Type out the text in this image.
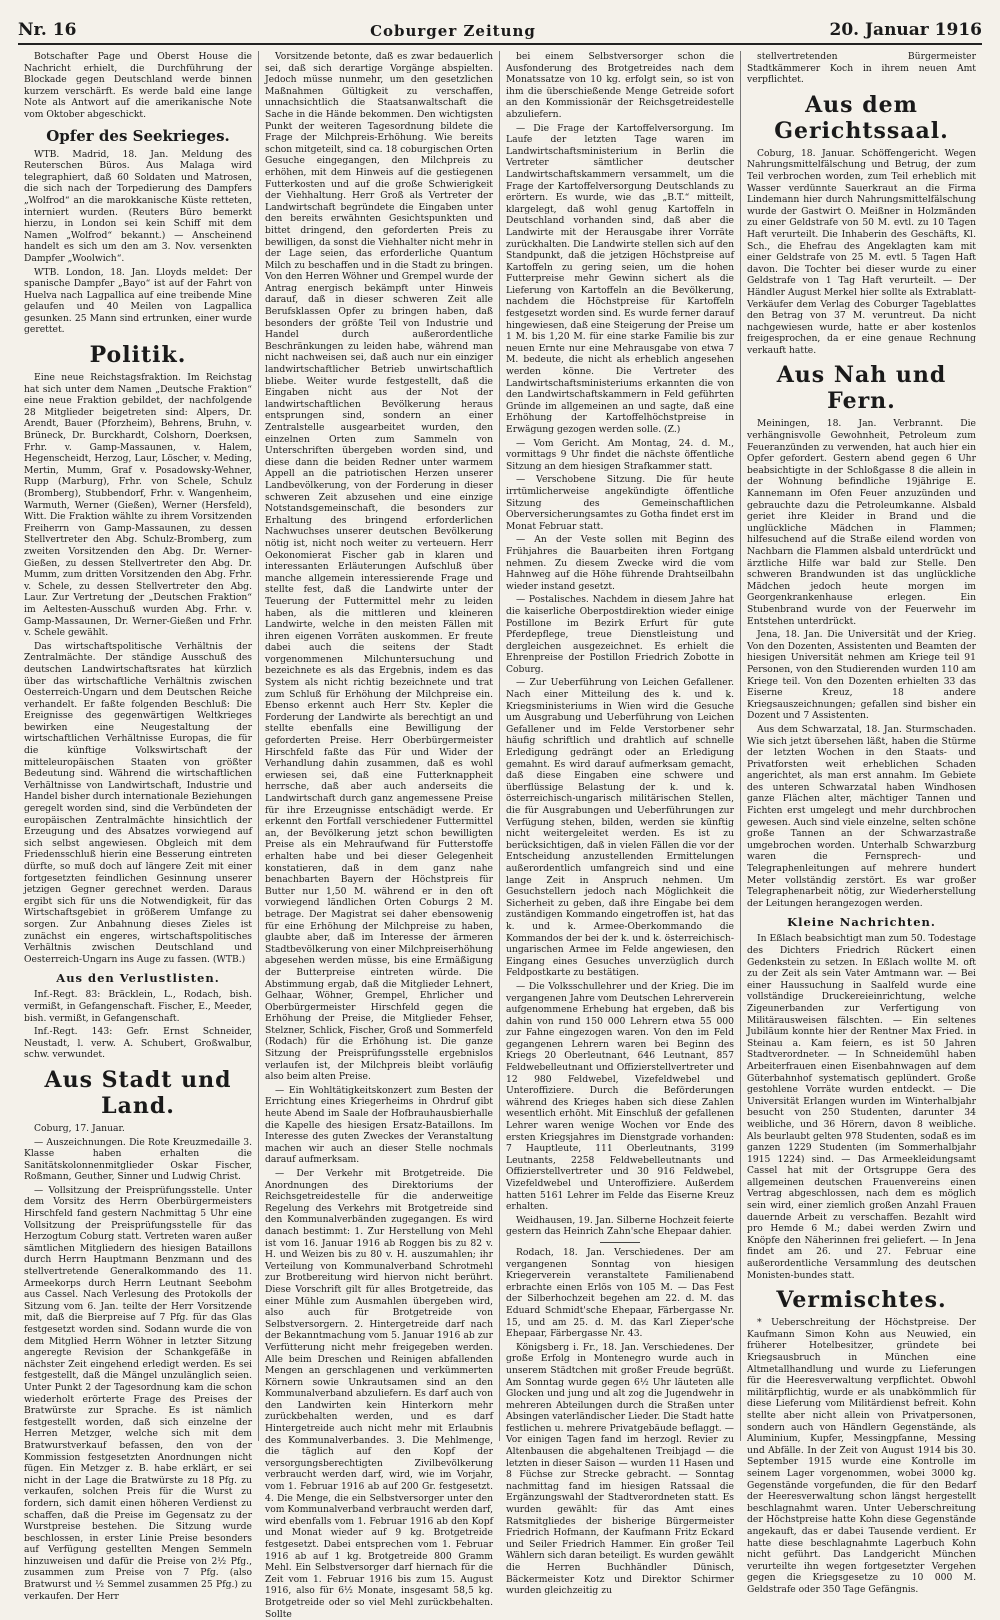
Nr. 16	Coburger Zeitung	20. Januar 1916

Botschafter Page und Oberst House die Nachricht erhielt, die Durchführung der Blockade gegen Deutschland werde binnen kurzem verschärft. Es werde bald eine lange Note als Antwort auf die amerikanische Note vom Oktober abgeschickt.

Opfer des Seekrieges.

WTB. Madrid, 18. Jan. Meldung des Reuterschen Büros. Aus Malaga wird telegraphiert, daß 60 Soldaten und Matrosen, die sich nach der Torpedierung des Dampfers „Wolfrod“ an die marokkanische Küste retteten, interniert wurden. (Reuters Büro bemerkt hierzu, in London sei kein Schiff mit dem Namen „Wolfrod“ bekannt.) — Anscheinend handelt es sich um den am 3. Nov. versenkten Dampfer „Woolwich“.

WTB. London, 18. Jan. Lloyds meldet: Der spanische Dampfer „Bayo“ ist auf der Fahrt von Huelva nach Lagpallica auf eine treibende Mine gelaufen und 40 Meilen von Lagpallica gesunken. 25 Mann sind ertrunken, einer wurde gerettet.

Politik.

Eine neue Reichstagsfraktion. Im Reichstag hat sich unter dem Namen „Deutsche Fraktion“ eine neue Fraktion gebildet, der nachfolgende 28 Mitglieder beigetreten sind: Alpers, Dr. Arendt, Bauer (Pforzheim), Behrens, Bruhn, v. Brüneck, Dr. Burckhardt, Colshorn, Doerksen, Frhr. v. Gamp-Massaunen, v. Halem, Hegenscheidt, Herzog, Laur, Löscher, v. Meding, Mertin, Mumm, Graf v. Posadowsky-Wehner, Rupp (Marburg), Frhr. von Schele, Schulz (Bromberg), Stubbendorf, Frhr. v. Wangenheim, Warmuth, Werner (Gießen), Werner (Hersfeld), Witt. Die Fraktion wählte zu ihrem Vorsitzenden Freiherrn von Gamp-Massaunen, zu dessen Stellvertreter den Abg. Schulz-Bromberg, zum zweiten Vorsitzenden den Abg. Dr. Werner-Gießen, zu dessen Stellvertreter den Abg. Dr. Mumm, zum dritten Vorsitzenden den Abg. Frhr. v. Schele, zu dessen Stellvertreter den Abg. Laur. Zur Vertretung der „Deutschen Fraktion“ im Aeltesten-Ausschuß wurden Abg. Frhr. v. Gamp-Massaunen, Dr. Werner-Gießen und Frhr. v. Schele gewählt.

Das wirtschaftspolitische Verhältnis der Zentralmächte. Der ständige Ausschuß des deutschen Landwirtschaftsrates hat kürzlich über das wirtschaftliche Verhältnis zwischen Oesterreich-Ungarn und dem Deutschen Reiche verhandelt. Er faßte folgenden Beschluß: Die Ereignisse des gegenwärtigen Weltkrieges bewirken eine Neugestaltung der wirtschaftlichen Verhältnisse Europas, die für die künftige Volkswirtschaft der mitteleuropäischen Staaten von größter Bedeutung sind. Während die wirtschaftlichen Verhältnisse von Landwirtschaft, Industrie und Handel bisher durch internationale Beziehungen geregelt worden sind, sind die Verbündeten der europäischen Zentralmächte hinsichtlich der Erzeugung und des Absatzes vorwiegend auf sich selbst angewiesen. Obgleich mit dem Friedensschluß hierin eine Besserung eintreten dürfte, so muß doch auf längere Zeit mit einer fortgesetzten feindlichen Gesinnung unserer jetzigen Gegner gerechnet werden. Daraus ergibt sich für uns die Notwendigkeit, für das Wirtschaftsgebiet in größerem Umfange zu sorgen. Zur Anbahnung dieses Zieles ist zunächst ein engeres, wirtschaftspolitisches Verhältnis zwischen Deutschland und Oesterreich-Ungarn ins Auge zu fassen. (WTB.)

Aus den Verlustlisten.

Inf.-Regt. 83: Bräcklein, L., Rodach, bish. vermißt, in Gefangenschaft. Fischer, E., Meeder, bish. vermißt, in Gefangenschaft.

Inf.-Regt. 143: Gefr. Ernst Schneider, Neustadt, l. verw. A. Schubert, Großwalbur, schw. verwundet.

Aus Stadt und Land.

Coburg, 17. Januar.

— Auszeichnungen. Die Rote Kreuzmedaille 3. Klasse haben erhalten die Sanitätskolonnenmitglieder Oskar Fischer, Roßmann, Geuther, Sinner und Ludwig Christ.

— Vollsitzung der Preisprüfungsstelle. Unter dem Vorsitz des Herrn Oberbürgermeisters Hirschfeld fand gestern Nachmittag 5 Uhr eine Vollsitzung der Preisprüfungsstelle für das Herzogtum Coburg statt. Vertreten waren außer sämtlichen Mitgliedern des hiesigen Bataillons durch Herrn Hauptmann Benzmann und des stellvertretende Generalkommando des 11. Armeekorps durch Herrn Leutnant Seebohm aus Cassel. Nach Verlesung des Protokolls der Sitzung vom 6. Jan. teilte der Herr Vorsitzende mit, daß die Bierpreise auf 7 Pfg. für das Glas festgesetzt worden sind. Sodann wurde die von dem Mitglied Herrn Wöhner in letzter Sitzung angeregte Revision der Schankgefäße in nächster Zeit eingehend erledigt werden. Es sei festgestellt, daß die Mängel unzulänglich seien. Unter Punkt 2 der Tagesordnung kam die schon wiederholt erörterte Frage des Preises der Bratwürste zur Sprache. Es ist nämlich festgestellt worden, daß sich einzelne der Herren Metzger, welche sich mit dem Bratwurstverkauf befassen, den von der Kommission festgesetzten Anordnungen nicht fügen. Ein Metzger z. B. habe erklärt, er sei nicht in der Lage die Bratwürste zu 18 Pfg. zu verkaufen, solchen Preis für die Wurst zu fordern, sich damit einen höheren Verdienst zu schaffen, daß die Preise im Gegensatz zu der Wurstpreise bestehen. Die Sitzung wurde beschlossen, in erster Linie Preise besonders auf Verfügung gestellten Mengen Semmeln hinzuweisen und dafür die Preise von 2½ Pfg., zusammen zum Preise von 7 Pfg. (also Bratwurst und ½ Semmel zusammen 25 Pfg.) zu verkaufen. Der Herr

Vorsitzende betonte, daß es zwar bedauerlich sei, daß sich derartige Vorgänge abspielten. Jedoch müsse nunmehr, um den gesetzlichen Maßnahmen Gültigkeit zu verschaffen, unnachsichtlich die Staatsanwaltschaft die Sache in die Hände bekommen. Den wichtigsten Punkt der weiteren Tagesordnung bildete die Frage der Milchpreis-Erhöhung. Wie bereits schon mitgeteilt, sind ca. 18 coburgischen Orten Gesuche eingegangen, den Milchpreis zu erhöhen, mit dem Hinweis auf die gestiegenen Futterkosten und auf die große Schwierigkeit der Viehhaltung. Herr Groß als Vertreter der Landwirtschaft begründete die Eingaben unter den bereits erwähnten Gesichtspunkten und bittet dringend, den geforderten Preis zu bewilligen, da sonst die Viehhalter nicht mehr in der Lage seien, das erforderliche Quantum Milch zu beschaffen und in die Stadt zu bringen. Von den Herren Wöhner und Grempel wurde der Antrag energisch bekämpft unter Hinweis darauf, daß in dieser schweren Zeit alle Berufsklassen Opfer zu bringen haben, daß besonders der größte Teil von Industrie und Handel durch außerordentliche Beschränkungen zu leiden habe, während man nicht nachweisen sei, daß auch nur ein einziger landwirtschaftlicher Betrieb unwirtschaftlich bliebe. Weiter wurde festgestellt, daß die Eingaben nicht aus der Not der landwirtschaftlichen Bevölkerung heraus entsprungen sind, sondern an einer Zentralstelle ausgearbeitet wurden, den einzelnen Orten zum Sammeln von Unterschriften übergeben worden sind, und diese dann die beiden Redner unter warmem Appell an die patriotischen Herzen unserer Landbevölkerung, von der Forderung in dieser schweren Zeit abzusehen und eine einzige Notstandsgemeinschaft, die besonders zur Erhaltung des bringend erforderlichen Nachwuchses unserer deutschen Bevölkerung nötig ist, nicht noch weiter zu verteuern. Herr Oekonomierat Fischer gab in klaren und interessanten Erläuterungen Aufschluß über manche allgemein interessierende Frage und stellte fest, daß die Landwirte unter der Teuerung der Futtermittel mehr zu leiden haben, als die mittleren und kleineren Landwirte, welche in den meisten Fällen mit ihren eigenen Vorräten auskommen. Er freute dabei auch die seitens der Stadt vorgenommenen Milchuntersuchung und bezeichnete es als das Ergebnis, indem es das System als nicht richtig bezeichnete und trat zum Schluß für Erhöhung der Milchpreise ein. Ebenso erkennt auch Herr Stv. Kepler die Forderung der Landwirte als berechtigt an und stellte ebenfalls eine Bewilligung der geforderten Preise. Herr Oberbürgermeister Hirschfeld faßte das Für und Wider der Verhandlung dahin zusammen, daß es wohl erwiesen sei, daß eine Futterknappheit herrsche, daß aber auch anderseits die Landwirtschaft durch ganz angemessene Preise für ihre Erzeugnisse entschädigt werde. Er erkennt den Fortfall verschiedener Futtermittel an, der Bevölkerung jetzt schon bewilligten Preise als ein Mehraufwand für Futterstoffe erhalten habe und bei dieser Gelegenheit konstatieren, daß in dem ganz nahe benachbarten Bayern der Höchstpreis für Butter nur 1,50 M. während er in den oft vorwiegend ländlichen Orten Coburgs 2 M. betrage. Der Magistrat sei daher ebensowenig für eine Erhöhung der Milchpreise zu haben, glaubte aber, daß im Interesse der ärmeren Stadtbevölkerung von einer Milchpreiserhöhung abgesehen werden müsse, bis eine Ermäßigung der Butterpreise eintreten würde. Die Abstimmung ergab, daß die Mitglieder Lehnert, Gelhaar, Wöhner, Grempel, Ehrlicher und Oberbürgermeister Hirschfeld gegen die Erhöhung der Preise, die Mitglieder Fehser, Stelzner, Schlick, Fischer, Groß und Sommerfeld (Rodach) für die Erhöhung ist. Die ganze Sitzung der Preisprüfungsstelle ergebnislos verlaufen ist, der Milchpreis bleibt vorläufig also beim alten Preise.

— Ein Wohltätigkeitskonzert zum Besten der Errichtung eines Kriegerheims in Ohrdruf gibt heute Abend im Saale der Hofbrauhausbierhalle die Kapelle des hiesigen Ersatz-Bataillons. Im Interesse des guten Zweckes der Veranstaltung machen wir auch an dieser Stelle nochmals darauf aufmerksam.

— Der Verkehr mit Brotgetreide. Die Anordnungen des Direktoriums der Reichsgetreidestelle für die anderweitige Regelung des Verkehrs mit Brotgetreide sind den Kommunalverbänden zugegangen. Es wird danach bestimmt: 1. Zur Herstellung von Mehl ist vom 16. Januar 1916 ab Roggen bis zu 82 v. H. und Weizen bis zu 80 v. H. auszumahlen; ihr Verteilung von Kommunalverband Schrotmehl zur Brotbereitung wird hiervon nicht berührt. Diese Vorschrift gilt für alles Brotgetreide, das einer Mühle zum Ausmahlen übergeben wird, also auch für Brotgetreide von Selbstversorgern. 2. Hintergetreide darf nach der Bekanntmachung vom 5. Januar 1916 ab zur Verfütterung nicht mehr freigegeben werden. Alle beim Dreschen und Reinigen abfallenden Mengen an gerschlagenen und verkümmerten Körnern sowie Unkrautsamen sind an den Kommunalverband abzuliefern. Es darf auch von den Landwirten kein Hinterkorn mehr zurückbehalten werden, und es darf Hintergetreide auch nicht mehr mit Erlaubnis des Kommunalverbandes. 3. Die Mehlmenge, die täglich auf den Kopf der versorgungsberechtigten Zivilbevölkerung verbraucht werden darf, wird, wie im Vorjahr, vom 1. Februar 1916 ab auf 200 Gr. festgesetzt. 4. Die Menge, die ein Selbstversorger unter den vom Kommunalverband verbraucht werden darf, wird ebenfalls vom 1. Februar 1916 ab den Kopf und Monat wieder auf 9 kg. Brotgetreide festgesetzt. Dabei entsprechen vom 1. Februar 1916 ab auf 1 kg. Brotgetreide 800 Gramm Mehl. Ein Selbstversorger darf hiernach für die Zeit vom 1. Februar 1916 bis zum 15. August 1916, also für 6½ Monate, insgesamt 58,5 kg. Brotgetreide oder so viel Mehl zurückbehalten. Sollte

bei einem Selbstversorger schon die Ausfonderung des Brotgetreides nach dem Monatssatze von 10 kg. erfolgt sein, so ist von ihm die überschießende Menge Getreide sofort an den Kommissionär der Reichsgetreidestelle abzuliefern.

— Die Frage der Kartoffelversorgung. Im Laufe der letzten Tage waren im Landwirtschaftsministerium in Berlin die Vertreter sämtlicher deutscher Landwirtschaftskammern versammelt, um die Frage der Kartoffelversorgung Deutschlands zu erörtern. Es wurde, wie das „B.T.“ mitteilt, klargelegt, daß wohl genug Kartoffeln in Deutschland vorhanden sind, daß aber die Landwirte mit der Herausgabe ihrer Vorräte zurückhalten. Die Landwirte stellen sich auf den Standpunkt, daß die jetzigen Höchstpreise auf Kartoffeln zu gering seien, um die hohen Futterpreise mehr Gewinn sichert als die Lieferung von Kartoffeln an die Bevölkerung, nachdem die Höchstpreise für Kartoffeln festgesetzt worden sind. Es wurde ferner darauf hingewiesen, daß eine Steigerung der Preise um 1 M. bis 1,20 M. für eine starke Familie bis zur neuen Ernte nur eine Mehrausgabe von etwa 7 M. bedeute, die nicht als erheblich angesehen werden könne. Die Vertreter des Landwirtschaftsministeriums erkannten die von den Landwirtschaftskammern in Feld geführten Gründe im allgemeinen an und sagte, daß eine Erhöhung der Kartoffelhöchstpreise in Erwägung gezogen werden solle. (Z.)

— Vom Gericht. Am Montag, 24. d. M., vormittags 9 Uhr findet die nächste öffentliche Sitzung an dem hiesigen Strafkammer statt.

— Verschobene Sitzung. Die für heute irrtümlicherweise angekündigte öffentliche Sitzung des Gemeinschaftlichen Oberversicherungsamtes zu Gotha findet erst im Monat Februar statt.

— An der Veste sollen mit Beginn des Frühjahres die Bauarbeiten ihren Fortgang nehmen. Zu diesem Zwecke wird die vom Hahnweg auf die Höhe führende Drahtseilbahn wieder instand gesetzt.

— Postalisches. Nachdem in diesem Jahre hat die kaiserliche Oberpostdirektion wieder einige Postillone im Bezirk Erfurt für gute Pferdepflege, treue Dienstleistung und dergleichen ausgezeichnet. Es erhielt die Ehrenpreise der Postillon Friedrich Zobotte in Coburg.

— Zur Ueberführung von Leichen Gefallener. Nach einer Mitteilung des k. und k. Kriegsministeriums in Wien wird die Gesuche um Ausgrabung und Ueberführung von Leichen Gefallener und im Felde Verstorbener sehr häufig schriftlich und drahtlich auf schnelle Erledigung gedrängt oder an Erledigung gemahnt. Es wird darauf aufmerksam gemacht, daß diese Eingaben eine schwere und überflüssige Belastung der k. und k. österreichisch-ungarisch militärischen Stellen, die für Ausgrabungen und Ueberführungen zur Verfügung stehen, bilden, werden sie künftig nicht weitergeleitet werden. Es ist zu berücksichtigen, daß in vielen Fällen die vor der Entscheidung anzustellenden Ermittelungen außerordentlich umfangreich sind und eine lange Zeit in Anspruch nehmen. Um Gesuchstellern jedoch nach Möglichkeit die Sicherheit zu geben, daß ihre Eingabe bei dem zuständigen Kommando eingetroffen ist, hat das k. und k. Armee-Oberkommando die Kommandos der bei der k. und k. österreichisch-ungarischen Armee im Felde angewiesen, den Eingang eines Gesuches unverzüglich durch Feldpostkarte zu bestätigen.

— Die Volksschullehrer und der Krieg. Die im vergangenen Jahre vom Deutschen Lehrerverein aufgenommene Erhebung hat ergeben, daß bis dahin von rund 150 000 Lehrern etwa 55 000 zur Fahne eingezogen waren. Von den im Feld gegangenen Lehrern waren bei Beginn des Kriegs 20 Oberleutnant, 646 Leutnant, 857 Feldwebelleutnant und Offizierstellvertreter und 12 980 Feldwebel, Vizefeldwebel und Unteroffiziere. Durch die Beförderungen während des Krieges haben sich diese Zahlen wesentlich erhöht. Mit Einschluß der gefallenen Lehrer waren wenige Wochen vor Ende des ersten Kriegsjahres im Dienstgrade vorhanden: 7 Hauptleute, 111 Oberleutnants, 3199 Leutnants, 2258 Feldwebelleutnants und Offizierstellvertreter und 30 916 Feldwebel, Vizefeldwebel und Unteroffiziere. Außerdem hatten 5161 Lehrer im Felde das Eiserne Kreuz erhalten.

Weidhausen, 19. Jan. Silberne Hochzeit feierte gestern das Heinrich Zahn'sche Ehepaar dahier.

Rodach, 18. Jan. Verschiedenes. Der am vergangenen Sonntag von hiesigen Kriegerverein veranstaltete Familienabend erbrachte einen Erlös von 105 M. — Das Fest der Silberhochzeit begehen am 22. d. M. das Eduard Schmidt'sche Ehepaar, Färbergasse Nr. 15, und am 25. d. M. das Karl Zieper'sche Ehepaar, Färbergasse Nr. 43.

Königsberg i. Fr., 18. Jan. Verschiedenes. Der große Erfolg in Montenegro wurde auch in unserem Städtchen mit großer Freude begrüßt. Am Sonntag wurde gegen 6½ Uhr läuteten alle Glocken und jung und alt zog die Jugendwehr in mehreren Abteilungen durch die Straßen unter Absingen vaterländischer Lieder. Die Stadt hatte festlichen u. mehrere Privatgebäude beflaggt. — Vor einigen Tagen fand im herzogl. Revier zu Altenbausen die abgehaltenen Treibjagd — die letzten in dieser Saison — wurden 11 Hasen und 8 Füchse zur Strecke gebracht. — Sonntag nachmittag fand im hiesigen Ratssaal die Ergänzungswahl der Stadtverordneten statt. Es wurden gewählt: für das Amt eines Ratsmitgliedes der bisherige Bürgermeister Friedrich Hofmann, der Kaufmann Fritz Eckard und Seiler Friedrich Hammer. Ein großer Teil Wählern sich daran beteiligt. Es wurden gewählt die Herren Buchhändler Dünisch, Bäckermeister Kotz und Direktor Schirmer wurden gleichzeitig zu

stellvertretenden Bürgermeister Stadtkämmerer Koch in ihrem neuen Amt verpflichtet.

Aus dem Gerichtssaal.

Coburg, 18. Januar. Schöffengericht. Wegen Nahrungsmittelfälschung und Betrug, der zum Teil verbrochen worden, zum Teil erheblich mit Wasser verdünnte Sauerkraut an die Firma Lindemann hier durch Nahrungsmittelfälschung wurde der Gastwirt O. Meißner in Holzmänden zu einer Geldstrafe von 50 M. evtl. zu 10 Tagen Haft verurteilt. Die Inhaberin des Geschäfts, Kl. Sch., die Ehefrau des Angeklagten kam mit einer Geldstrafe von 25 M. evtl. 5 Tagen Haft davon. Die Tochter bei dieser wurde zu einer Geldstrafe von 1 Tag Haft verurteilt. — Der Händler August Merkel hier sollte als Extrablatt-Verkäufer dem Verlag des Coburger Tageblattes den Betrag von 37 M. veruntreut. Da nicht nachgewiesen wurde, hatte er aber kostenlos freigesprochen, da er eine genaue Rechnung verkauft hatte.

Aus Nah und Fern.

Meiningen, 18. Jan. Verbrannt. Die verhängnisvolle Gewohnheit, Petroleum zum Feueranzünden zu verwenden, hat auch hier ein Opfer gefordert. Gestern abend gegen 6 Uhr beabsichtigte in der Schloßgasse 8 die allein in der Wohnung befindliche 19jährige E. Kannemann im Ofen Feuer anzuzünden und gebrauchte dazu die Petroleumkanne. Alsbald geriet ihre Kleider in Brand und die unglückliche Mädchen in Flammen; hilfesuchend auf die Straße eilend worden von Nachbarn die Flammen alsbald unterdrückt und ärztliche Hilfe war bald zur Stelle. Den schweren Brandwunden ist das unglückliche Mädchen jedoch heute morgen im Georgenkrankenhause erlegen. Ein Stubenbrand wurde von der Feuerwehr im Entstehen unterdrückt.

Jena, 18. Jan. Die Universität und der Krieg. Von den Dozenten, Assistenten und Beamten der hiesigen Universität nehmen am Kriege teil 91 Personen, von den Studierenden wurden 110 am Kriege teil. Von den Dozenten erhielten 33 das Eiserne Kreuz, 18 andere Kriegsauszeichnungen; gefallen sind bisher ein Dozent und 7 Assistenten.

Aus dem Schwarzatal, 18. Jan. Sturmschaden. Wie sich jetzt übersehen läßt, haben die Stürme der letzten Wochen in den Staats- und Privatforsten weit erheblichen Schaden angerichtet, als man erst annahm. Im Gebiete des unteren Schwarzatal haben Windhosen ganze Flächen alter, mächtiger Tannen und Fichten erst umgelegt und mehr durchbrochen gewesen. Auch sind viele einzelne, selten schöne große Tannen an der Schwarzastraße umgebrochen worden. Unterhalb Schwarzburg waren die Fernsprech- und Telegraphenleitungen auf mehrere hundert Meter vollständig zerstört. Es war großer Telegraphenarbeit nötig, zur Wiederherstellung der Leitungen herangezogen werden.

Kleine Nachrichten.

In Eßlach beabsichtigt man zum 50. Todestage des Dichters Friedrich Rückert einen Gedenkstein zu setzen. In Eßlach wollte M. oft zu der Zeit als sein Vater Amtmann war. — Bei einer Haussuchung in Saalfeld wurde eine vollständige Druckereieinrichtung, welche Zigeunerbanden zur Verfertigung von Militärausweisen fälschten. — Ein seltenes Jubiläum konnte hier der Rentner Max Fried. in Steinau a. Kam feiern, es ist 50 Jahren Stadtverordneter. — In Schneidemühl haben Arbeiterfrauen einen Eisenbahnwagen auf dem Güterbahnhof systematisch geplündert. Große gestohlene Vorräte wurden entdeckt. — Die Universität Erlangen wurden im Winterhalbjahr besucht von 250 Studenten, darunter 34 weibliche, und 36 Hörern, davon 8 weibliche. Als beurlaubt gelten 978 Studenten, sodaß es im ganzen 1229 Studenten (im Sommerhalbjahr 1915 1224) sind. — Das Armeekleidungsamt Cassel hat mit der Ortsgruppe Gera des allgemeinen deutschen Frauenvereins einen Vertrag abgeschlossen, nach dem es möglich sein wird, einer ziemlich großen Anzahl Frauen dauernde Arbeit zu verschaffen. Bezahlt wird pro Hemde 6 M.; dabei werden Zwirn und Knöpfe den Näherinnen frei geliefert. — In Jena findet am 26. und 27. Februar eine außerordentliche Versammlung des deutschen Monisten-bundes statt.

Vermischtes.

* Ueberschreitung der Höchstpreise. Der Kaufmann Simon Kohn aus Neuwied, ein früherer Hotelbesitzer, gründete bei Kriegsausbruch in München eine Altmetallhandlung und wurde zu Lieferungen für die Heeresverwaltung verpflichtet. Obwohl militärpflichtig, wurde er als unabkömmlich für diese Lieferung vom Militärdienst befreit. Kohn stellte aber nicht allein von Privatpersonen, sondern auch von Händlern Gegenstände, als Aluminium, Kupfer, Messingpfanne, Messing und Abfälle. In der Zeit von August 1914 bis 30. September 1915 wurde eine Kontrolle im seinem Lager vorgenommen, wobei 3000 kg. Gegenstände vorgefunden, die für den Bedarf der Heeresverwaltung schon längst hergestellt beschlagnahmt waren. Unter Ueberschreitung der Höchstpreise hatte Kohn diese Gegenstände angekauft, das er dabei Tausende verdient. Er hatte diese beschlagnahmte Lagerbuch Kohn nicht geführt. Das Landgericht München verurteilte ihn wegen fortgesetzter Vergehen gegen die Kriegsgesetze zu 10 000 M. Geldstrafe oder 350 Tage Gefängnis.
